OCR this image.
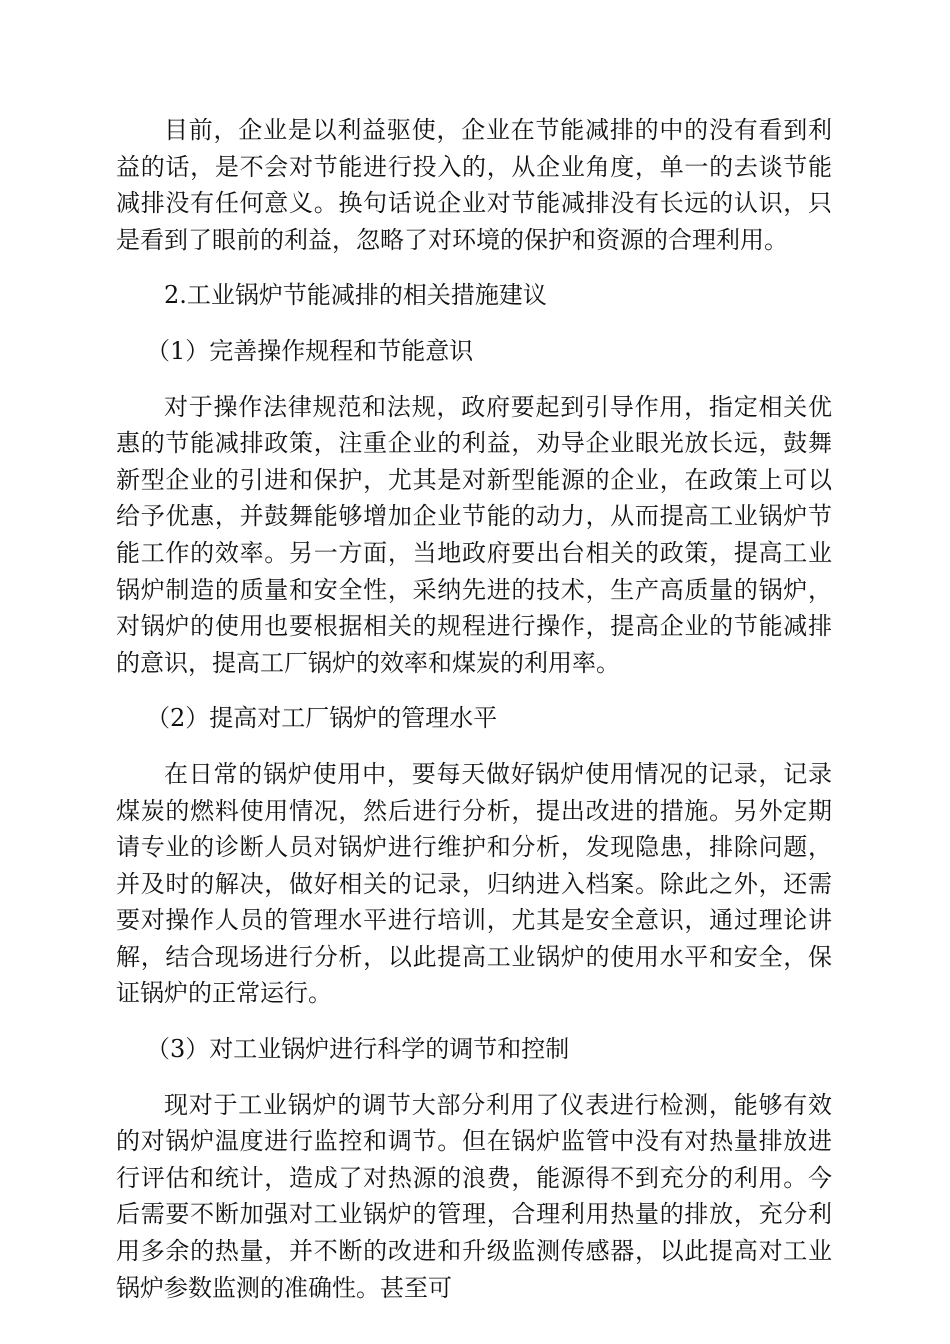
目前，企业是以利益驱使，企业在节能减排的中的没有看到利益的话，是不会对节能进行投入的，从企业角度，单一的去谈节能减排没有任何意义。换句话说企业对节能减排没有长远的认识，只是看到了眼前的利益，忽略了对环境的保护和资源的合理利用。

2.工业锅炉节能减排的相关措施建议

（1）完善操作规程和节能意识

对于操作法律规范和法规，政府要起到引导作用，指定相关优惠的节能减排政策，注重企业的利益，劝导企业眼光放长远，鼓舞新型企业的引进和保护，尤其是对新型能源的企业，在政策上可以给予优惠，并鼓舞能够增加企业节能的动力，从而提高工业锅炉节能工作的效率。另一方面，当地政府要出台相关的政策，提高工业锅炉制造的质量和安全性，采纳先进的技术，生产高质量的锅炉，对锅炉的使用也要根据相关的规程进行操作，提高企业的节能减排的意识，提高工厂锅炉的效率和煤炭的利用率。

（2）提高对工厂锅炉的管理水平

在日常的锅炉使用中，要每天做好锅炉使用情况的记录，记录煤炭的燃料使用情况，然后进行分析，提出改进的措施。另外定期请专业的诊断人员对锅炉进行维护和分析，发现隐患，排除问题，并及时的解决，做好相关的记录，归纳进入档案。除此之外，还需要对操作人员的管理水平进行培训，尤其是安全意识，通过理论讲解，结合现场进行分析，以此提高工业锅炉的使用水平和安全，保证锅炉的正常运行。

（3）对工业锅炉进行科学的调节和控制

现对于工业锅炉的调节大部分利用了仪表进行检测，能够有效的对锅炉温度进行监控和调节。但在锅炉监管中没有对热量排放进行评估和统计，造成了对热源的浪费，能源得不到充分的利用。今后需要不断加强对工业锅炉的管理，合理利用热量的排放，充分利用多余的热量，并不断的改进和升级监测传感器，以此提高对工业锅炉参数监测的准确性。甚至可
